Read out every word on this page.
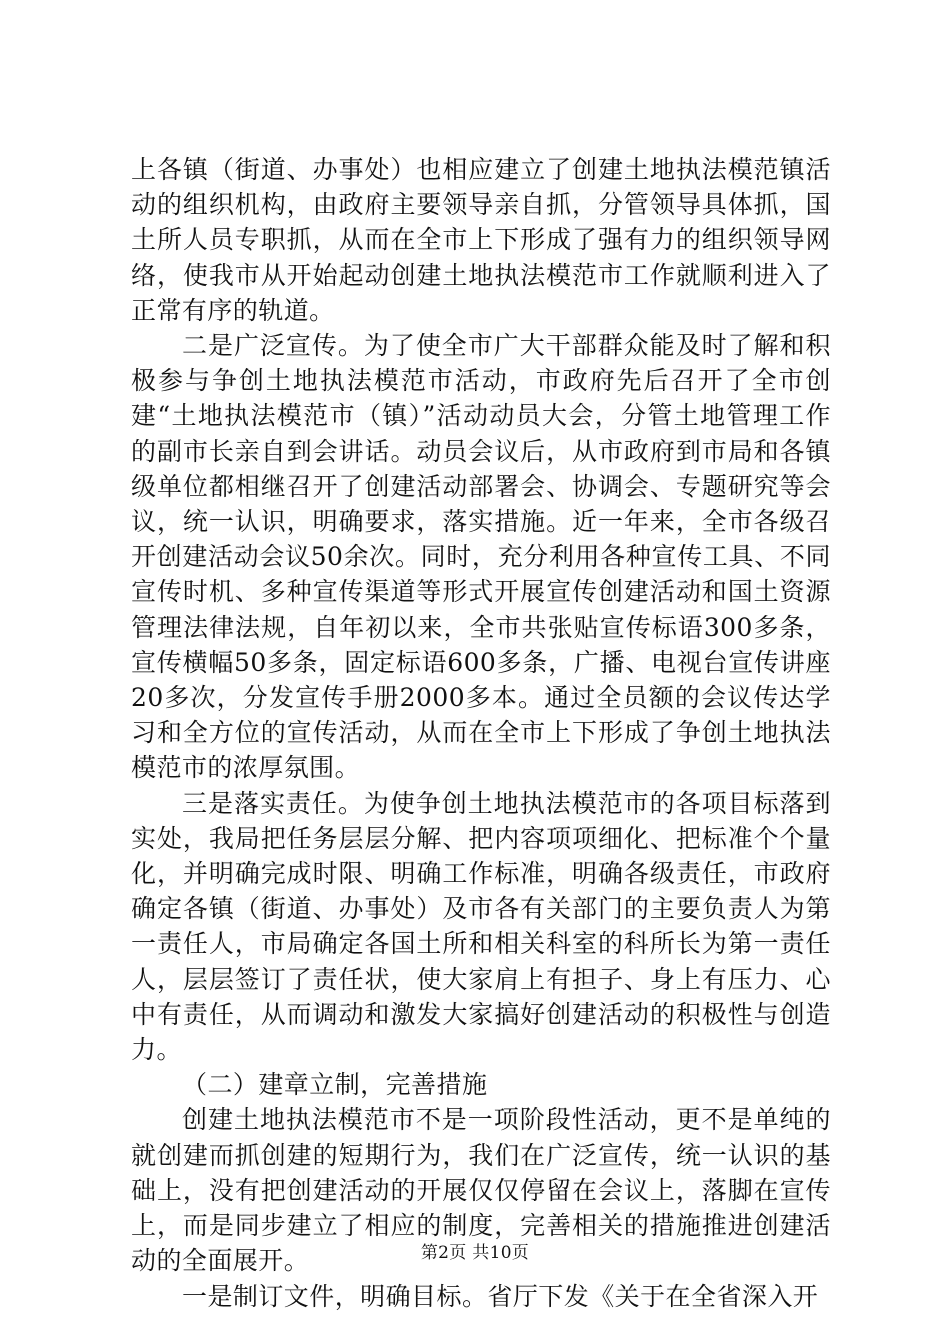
上各镇（街道、办事处）也相应建立了创建土地执法模范镇活动的组织机构，由政府主要领导亲自抓，分管领导具体抓，国土所人员专职抓，从而在全市上下形成了强有力的组织领导网络，使我市从开始起动创建土地执法模范市工作就顺利进入了正常有序的轨道。

二是广泛宣传。为了使全市广大干部群众能及时了解和积极参与争创土地执法模范市活动，市政府先后召开了全市创建“土地执法模范市（镇）”活动动员大会，分管土地管理工作的副市长亲自到会讲话。动员会议后，从市政府到市局和各镇级单位都相继召开了创建活动部署会、协调会、专题研究等会议，统一认识，明确要求，落实措施。近一年来，全市各级召开创建活动会议50余次。同时，充分利用各种宣传工具、不同宣传时机、多种宣传渠道等形式开展宣传创建活动和国土资源管理法律法规，自年初以来，全市共张贴宣传标语300多条，宣传横幅50多条，固定标语600多条，广播、电视台宣传讲座20多次，分发宣传手册2000多本。通过全员额的会议传达学习和全方位的宣传活动，从而在全市上下形成了争创土地执法模范市的浓厚氛围。

三是落实责任。为使争创土地执法模范市的各项目标落到实处，我局把任务层层分解、把内容项项细化、把标准个个量化，并明确完成时限、明确工作标准，明确各级责任，市政府确定各镇（街道、办事处）及市各有关部门的主要负责人为第一责任人，市局确定各国土所和相关科室的科所长为第一责任人，层层签订了责任状，使大家肩上有担子、身上有压力、心中有责任，从而调动和激发大家搞好创建活动的积极性与创造力。

（二）建章立制，完善措施

创建土地执法模范市不是一项阶段性活动，更不是单纯的就创建而抓创建的短期行为，我们在广泛宣传，统一认识的基础上，没有把创建活动的开展仅仅停留在会议上，落脚在宣传上，而是同步建立了相应的制度，完善相关的措施推进创建活动的全面展开。

一是制订文件，明确目标。省厅下发《关于在全省深入开

第2页 共10页
